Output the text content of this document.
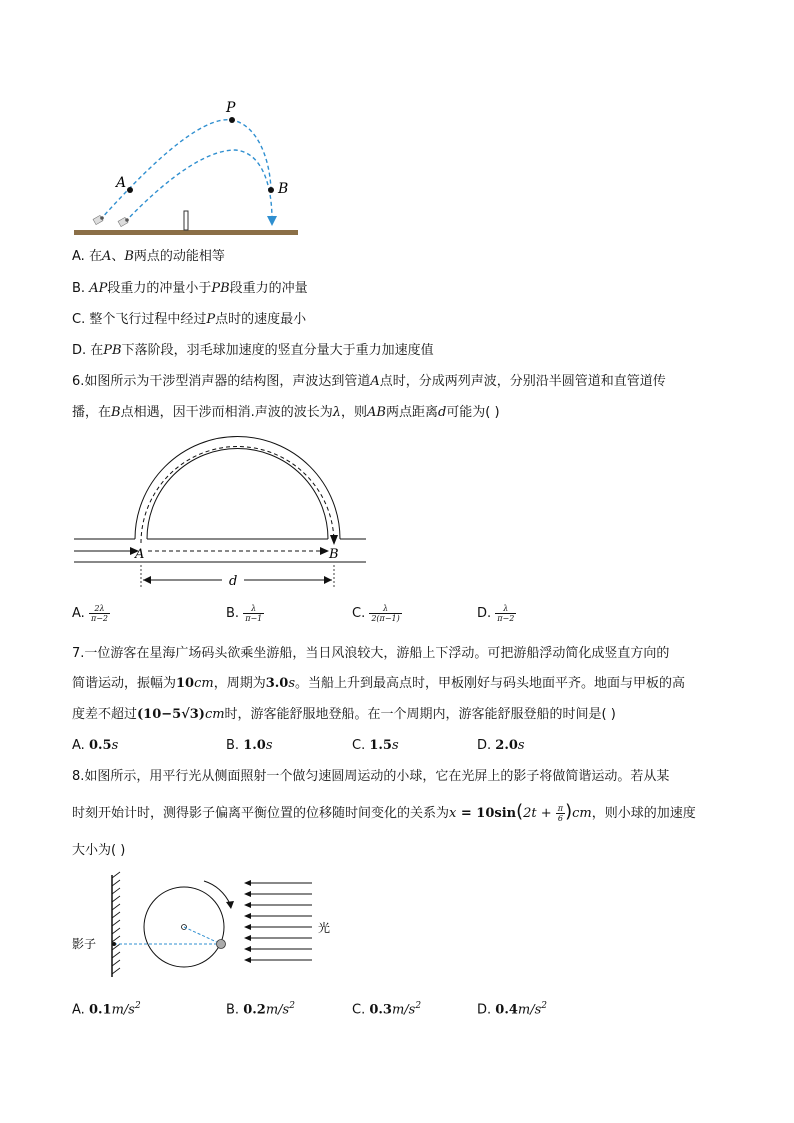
P
A	B
A. 在A、B两点的动能相等
B. AP段重力的冲量小于PB段重力的冲量
C. 整个飞行过程中经过P点时的速度最小
D. 在PB下落阶段，羽毛球加速度的竖直分量大于重力加速度值
6.如图所示为干涉型消声器的结构图，声波达到管道A点时，分成两列声波，分别沿半圆管道和直管道传
播，在B点相遇，因干涉而相消.声波的波长为λ，则AB两点距离d可能为( )
A	B
d
A. $\frac{2\lambda}{\pi-2}$	B. $\frac{\lambda}{\pi-1}$	C. $\frac{\lambda}{2(\pi-1)}$	D. $\frac{\lambda}{\pi-2}$
7.一位游客在星海广场码头欲乘坐游船，当日风浪较大，游船上下浮动。可把游船浮动简化成竖直方向的
简谐运动，振幅为10cm，周期为3.0s。当船上升到最高点时，甲板刚好与码头地面平齐。地面与甲板的高
度差不超过(10−5√3)cm时，游客能舒服地登船。在一个周期内，游客能舒服登船的时间是( )
A. 0.5s	B. 1.0s	C. 1.5s	D. 2.0s
8.如图所示，用平行光从侧面照射一个做匀速圆周运动的小球，它在光屏上的影子将做简谐运动。若从某
时刻开始计时，测得影子偏离平衡位置的位移随时间变化的关系为$x = 10\sin(2t + \frac{\pi}{6} )cm$，则小球的加速度
大小为( )
影子
光
A. $0.1m/s^2$	B. $0.2m/s^2$	C. $0.3m/s^2$	D. $0.4m/s^2$
